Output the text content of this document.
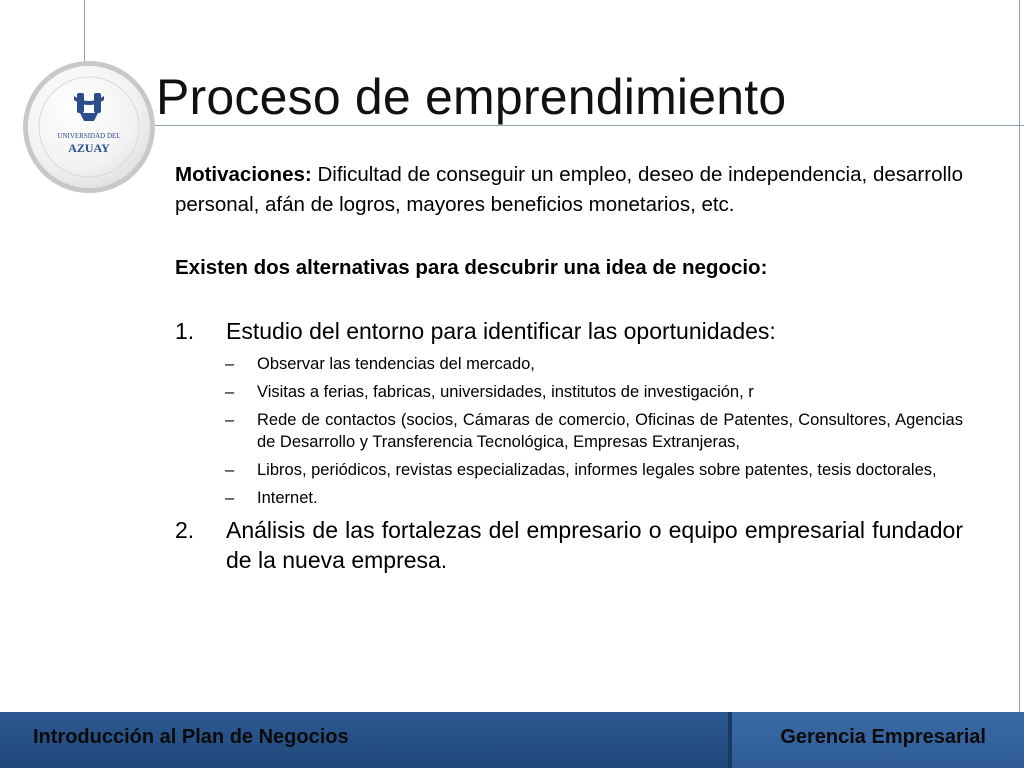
UNIVERSIDAD DEL
AZUAY
Proceso de emprendimiento

Motivaciones: Dificultad de conseguir un empleo, deseo de independencia, desarrollo personal, afán de logros, mayores beneficios monetarios, etc.

Existen dos alternativas para descubrir una idea de negocio:

1. Estudio del entorno para identificar las oportunidades:
– Observar las tendencias del mercado,
– Visitas a ferias, fabricas, universidades, institutos de investigación, r
– Rede de contactos (socios, Cámaras de comercio, Oficinas de Patentes, Consultores, Agencias de Desarrollo y Transferencia Tecnológica, Empresas Extranjeras,
– Libros, periódicos, revistas especializadas, informes legales sobre patentes, tesis doctorales,
– Internet.
2. Análisis de las fortalezas del empresario o equipo empresarial fundador de la nueva empresa.
Introducción al Plan de Negocios	Gerencia Empresarial
